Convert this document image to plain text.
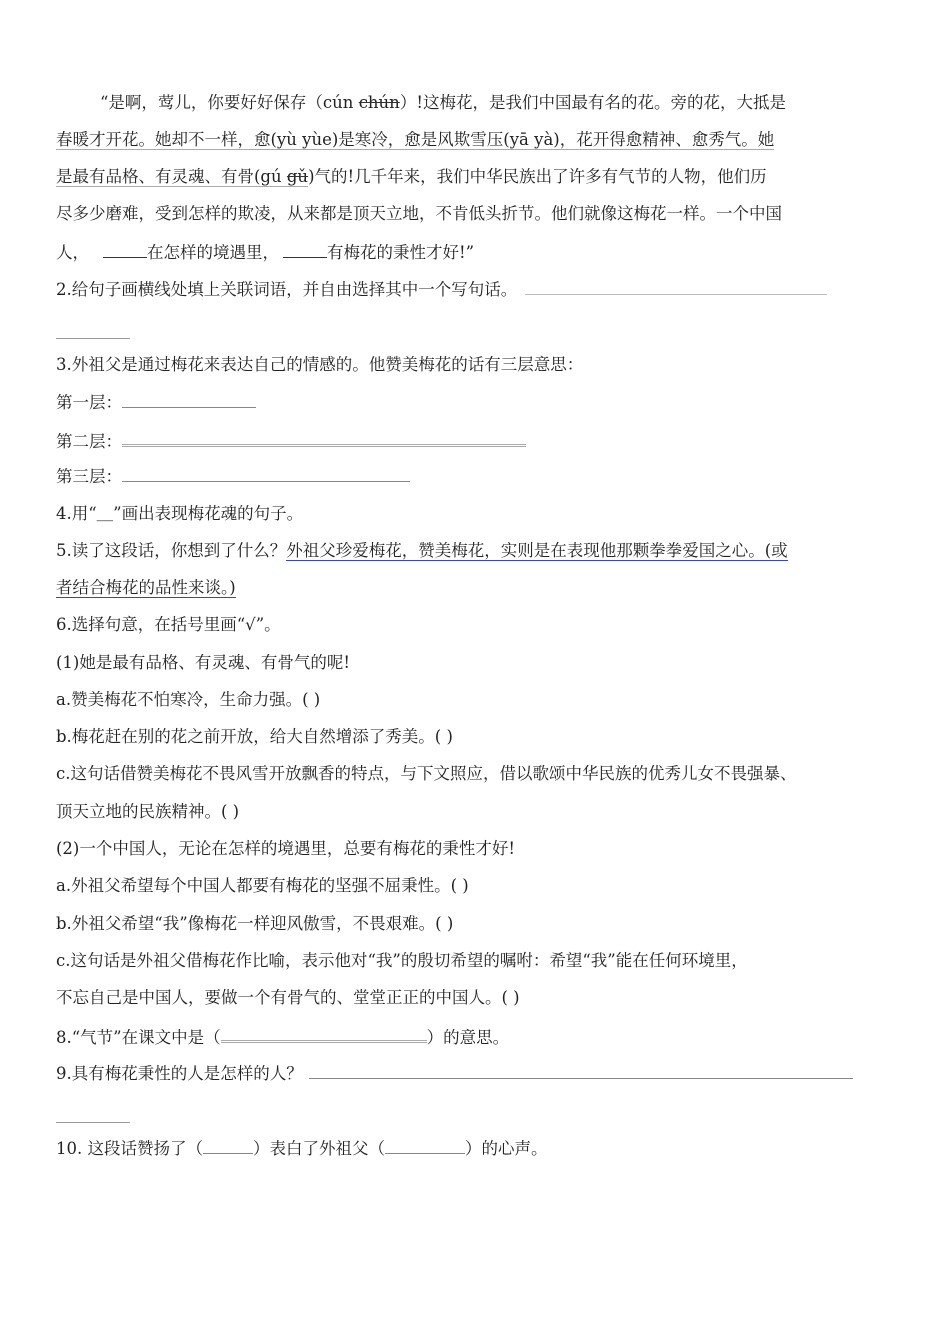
“是啊，莺儿，你要好好保存（cún chún）!这梅花，是我们中国最有名的花。旁的花，大抵是
春暖才开花。她却不一样，愈(yù yùe)是寒冷，愈是风欺雪压(yā yà)，花开得愈精神、愈秀气。她
是最有品格、有灵魂、有骨(gú gǔ)气的!几千年来，我们中华民族出了许多有气节的人物，他们历
尽多少磨难，受到怎样的欺凌，从来都是顶天立地，不肯低头折节。他们就像这梅花一样。一个中国
人，	在怎样的境遇里，	有梅花的秉性才好!”
2.给句子画横线处填上关联词语，并自由选择其中一个写句话。
3.外祖父是通过梅花来表达自己的情感的。他赞美梅花的话有三层意思：
第一层：
第二层：
第三层：
4.用“＿”画出表现梅花魂的句子。
5.读了这段话，你想到了什么？外祖父珍爱梅花，赞美梅花，实则是在表现他那颗拳拳爱国之心。(或
者结合梅花的品性来谈。)
6.选择句意，在括号里画“√”。
(1)她是最有品格、有灵魂、有骨气的呢!
a.赞美梅花不怕寒冷，生命力强。( )
b.梅花赶在别的花之前开放，给大自然增添了秀美。( )
c.这句话借赞美梅花不畏风雪开放飘香的特点，与下文照应，借以歌颂中华民族的优秀儿女不畏强暴、
顶天立地的民族精神。( )
(2)一个中国人，无论在怎样的境遇里，总要有梅花的秉性才好!
a.外祖父希望每个中国人都要有梅花的坚强不屈秉性。( )
b.外祖父希望“我”像梅花一样迎风傲雪，不畏艰难。( )
c.这句话是外祖父借梅花作比喻，表示他对“我”的殷切希望的嘱咐：希望“我”能在任何环境里，
不忘自己是中国人，要做一个有骨气的、堂堂正正的中国人。( )
8.“气节”在课文中是（	）的意思。
9.具有梅花秉性的人是怎样的人？
10. 这段话赞扬了（	）表白了外祖父（	）的心声。
